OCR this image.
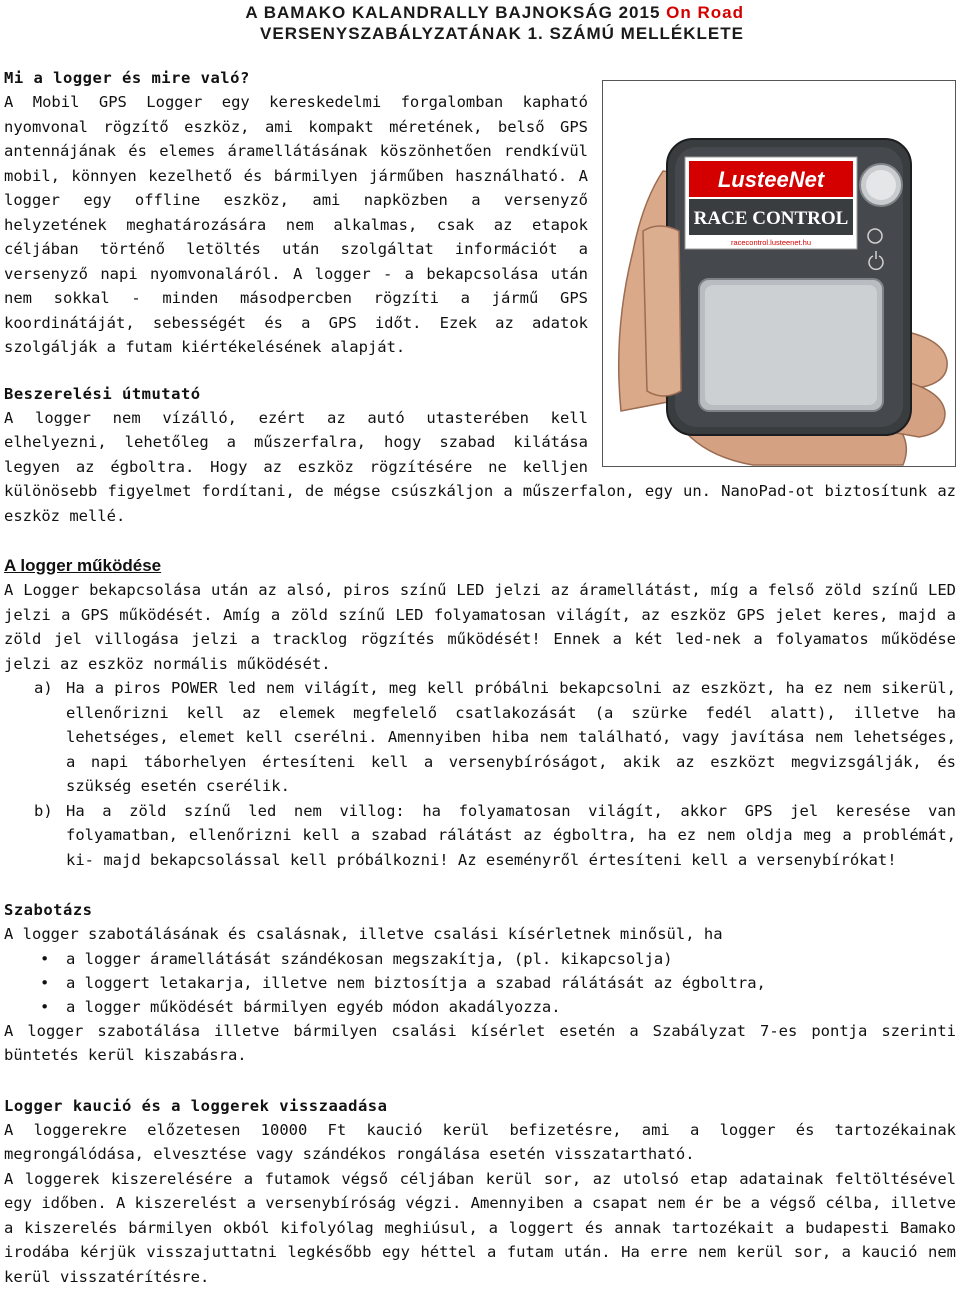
A BAMAKO KALANDRALLY BAJNOKSÁG 2015 On Road
VERSENYSZABÁLYZATÁNAK 1. SZÁMÚ MELLÉKLETE
LusteeNet
RACE CONTROL
racecontrol.lusteenet.hu
Mi a logger és mire való?

A Mobil GPS Logger egy kereskedelmi forgalomban kapható nyomvonal rögzítő eszköz, ami kompakt méretének, belső GPS antennájának és elemes áramellátásának köszönhetően rendkívül mobil, könnyen kezelhető és bármilyen járműben használható. A logger egy offline eszköz, ami napközben a versenyző helyzetének meghatározására nem alkalmas, csak az etapok céljában történő letöltés után szolgáltat információt a versenyző napi nyomvonaláról. A logger - a bekapcsolása után nem sokkal - minden másodpercben rögzíti a jármű GPS koordinátáját, sebességét és a GPS időt. Ezek az adatok szolgálják a futam kiértékelésének alapját.

Beszerelési útmutató

A logger nem vízálló, ezért az autó utasterében kell elhelyezni, lehetőleg a műszerfalra, hogy szabad kilátása legyen az égboltra. Hogy az eszköz rögzítésére ne kelljen különösebb figyelmet fordítani, de mégse csúszkáljon a műszerfalon, egy un. NanoPad-ot biztosítunk az eszköz mellé.

A logger működése

A Logger bekapcsolása után az alsó, piros színű LED jelzi az áramellátást, míg a felső zöld színű LED jelzi a GPS működését. Amíg a zöld színű LED folyamatosan világít, az eszköz GPS jelet keres, majd a zöld jel villogása jelzi a tracklog rögzítés működését! Ennek a két led-nek a folyamatos működése jelzi az eszköz normális működését.

a) Ha a piros POWER led nem világít, meg kell próbálni bekapcsolni az eszközt, ha ez nem sikerül, ellenőrizni kell az elemek megfelelő csatlakozását (a szürke fedél alatt), illetve ha lehetséges, elemet kell cserélni. Amennyiben hiba nem található, vagy javítása nem lehetséges, a napi táborhelyen értesíteni kell a versenybíróságot, akik az eszközt megvizsgálják, és szükség esetén cserélik.
b) Ha a zöld színű led nem villog: ha folyamatosan világít, akkor GPS jel keresése van folyamatban, ellenőrizni kell a szabad rálátást az égboltra, ha ez nem oldja meg a problémát, ki- majd bekapcsolással kell próbálkozni! Az eseményről értesíteni kell a versenybírókat!
Szabotázs

A logger szabotálásának és csalásnak, illetve csalási kísérletnek minősül, ha

• a logger áramellátását szándékosan megszakítja, (pl. kikapcsolja)
• a loggert letakarja, illetve nem biztosítja a szabad rálátását az égboltra,
• a logger működését bármilyen egyéb módon akadályozza.

A logger szabotálása illetve bármilyen csalási kísérlet esetén a Szabályzat 7-es pontja szerinti büntetés kerül kiszabásra.

Logger kaució és a loggerek visszaadása

A loggerekre előzetesen 10000 Ft kaució kerül befizetésre, ami a logger és tartozékainak megrongálódása, elvesztése vagy szándékos rongálása esetén visszatartható.

A loggerek kiszerelésére a futamok végső céljában kerül sor, az utolsó etap adatainak feltöltésével egy időben. A kiszerelést a versenybíróság végzi. Amennyiben a csapat nem ér be a végső célba, illetve a kiszerelés bármilyen okból kifolyólag meghiúsul, a loggert és annak tartozékait a budapesti Bamako irodába kérjük visszajuttatni legkésőbb egy héttel a futam után. Ha erre nem kerül sor, a kaució nem kerül visszatérítésre.
